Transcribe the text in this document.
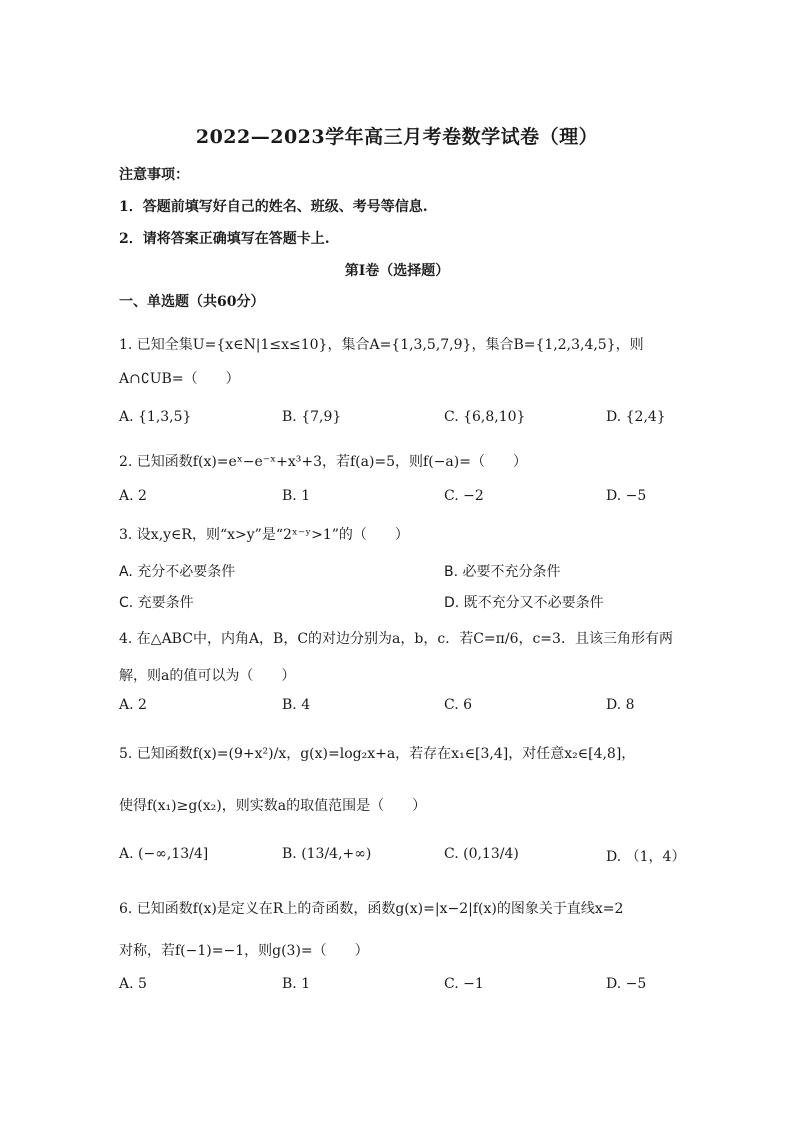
2022—2023学年高三月考卷数学试卷（理）
注意事项：
1．答题前填写好自己的姓名、班级、考号等信息.
2．请将答案正确填写在答题卡上.
第I卷（选择题）
一、单选题（共60分）
1. 已知全集U={x∈N|1≤x≤10}，集合A={1,3,5,7,9}，集合B={1,2,3,4,5}，则
A∩∁UB=（　　）
A. {1,3,5}	B. {7,9}	C. {6,8,10}	D. {2,4}
2. 已知函数f(x)=eˣ−e⁻ˣ+x³+3，若f(a)=5，则f(−a)=（　　）
A. 2	B. 1	C. −2	D. −5
3. 设x,y∈R，则“x>y”是“2ˣ⁻ʸ>1”的（　　）
A. 充分不必要条件	B. 必要不充分条件
C. 充要条件	D. 既不充分又不必要条件
4. 在△ABC中，内角A，B，C的对边分别为a，b，c．若C=π/6，c=3．且该三角形有两
解，则a的值可以为（　　）
A. 2	B. 4	C. 6	D. 8
5. 已知函数f(x)=(9+x²)/x，g(x)=log₂x+a，若存在x₁∈[3,4]，对任意x₂∈[4,8]，
使得f(x₁)≥g(x₂)，则实数a的取值范围是（　　）
A. (−∞,13/4]	B. (13/4,+∞)	C. (0,13/4)	D. （1，4）
6. 已知函数f(x)是定义在R上的奇函数，函数g(x)=|x−2|f(x)的图象关于直线x=2
对称，若f(−1)=−1，则g(3)=（　　）
A. 5	B. 1	C. −1	D. −5
